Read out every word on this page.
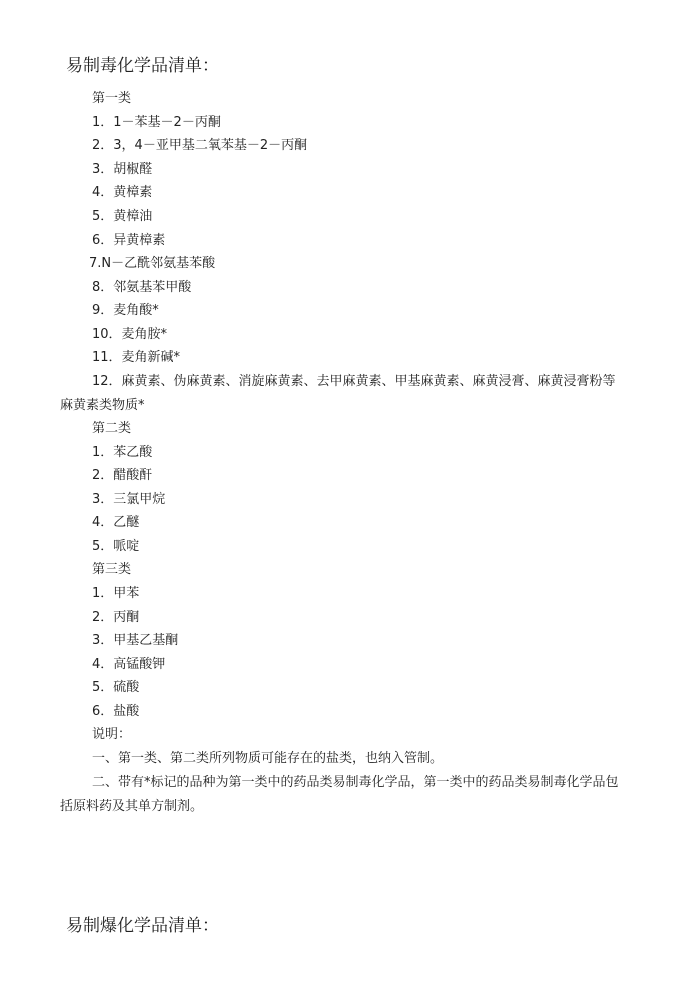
易制毒化学品清单：
第一类
1．1－苯基－2－丙酮
2．3，4－亚甲基二氧苯基－2－丙酮
3．胡椒醛
4．黄樟素
5．黄樟油
6．异黄樟素
7.N－乙酰邻氨基苯酸
8．邻氨基苯甲酸
9．麦角酸*
10．麦角胺*
11．麦角新碱*
12．麻黄素、伪麻黄素、消旋麻黄素、去甲麻黄素、甲基麻黄素、麻黄浸膏、麻黄浸膏粉等
麻黄素类物质*
第二类
1．苯乙酸
2．醋酸酐
3．三氯甲烷
4．乙醚
5．哌啶
第三类
1．甲苯
2．丙酮
3．甲基乙基酮
4．高锰酸钾
5．硫酸
6．盐酸
说明：
一、第一类、第二类所列物质可能存在的盐类，也纳入管制。
二、带有*标记的品种为第一类中的药品类易制毒化学品，第一类中的药品类易制毒化学品包
括原料药及其单方制剂。
易制爆化学品清单：
